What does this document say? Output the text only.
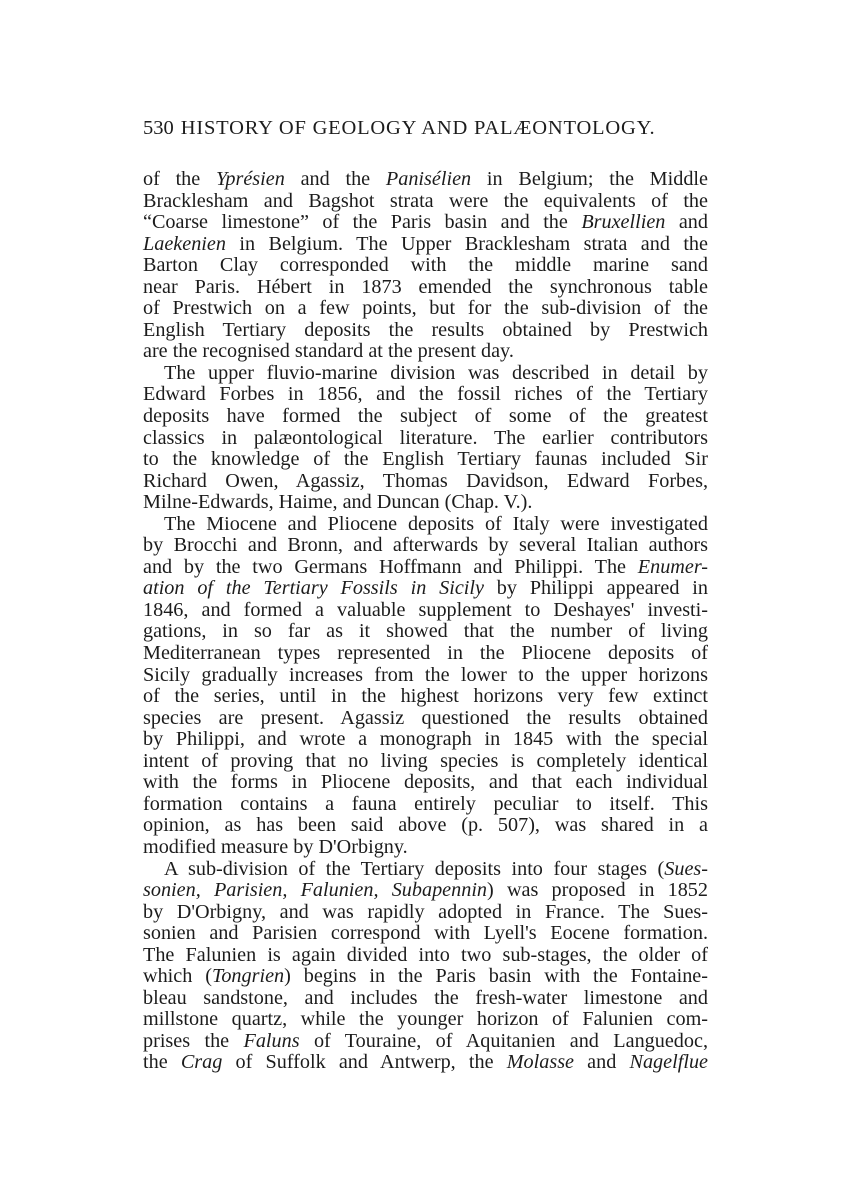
530 HISTORY OF GEOLOGY AND PALÆONTOLOGY.
of the Yprésien and the Panisélien in Belgium; the Middle
Bracklesham and Bagshot strata were the equivalents of the
“Coarse limestone” of the Paris basin and the Bruxellien and
Laekenien in Belgium. The Upper Bracklesham strata and the
Barton Clay corresponded with the middle marine sand
near Paris. Hébert in 1873 emended the synchronous table
of Prestwich on a few points, but for the sub-division of the
English Tertiary deposits the results obtained by Prestwich
are the recognised standard at the present day.
The upper fluvio-marine division was described in detail by
Edward Forbes in 1856, and the fossil riches of the Tertiary
deposits have formed the subject of some of the greatest
classics in palæontological literature. The earlier contributors
to the knowledge of the English Tertiary faunas included Sir
Richard Owen, Agassiz, Thomas Davidson, Edward Forbes,
Milne-Edwards, Haime, and Duncan (Chap. V.).
The Miocene and Pliocene deposits of Italy were investigated
by Brocchi and Bronn, and afterwards by several Italian authors
and by the two Germans Hoffmann and Philippi. The Enumer-
ation of the Tertiary Fossils in Sicily by Philippi appeared in
1846, and formed a valuable supplement to Deshayes' investi-
gations, in so far as it showed that the number of living
Mediterranean types represented in the Pliocene deposits of
Sicily gradually increases from the lower to the upper horizons
of the series, until in the highest horizons very few extinct
species are present. Agassiz questioned the results obtained
by Philippi, and wrote a monograph in 1845 with the special
intent of proving that no living species is completely identical
with the forms in Pliocene deposits, and that each individual
formation contains a fauna entirely peculiar to itself. This
opinion, as has been said above (p. 507), was shared in a
modified measure by D'Orbigny.
A sub-division of the Tertiary deposits into four stages (Sues-
sonien, Parisien, Falunien, Subapennin) was proposed in 1852
by D'Orbigny, and was rapidly adopted in France. The Sues-
sonien and Parisien correspond with Lyell's Eocene formation.
The Falunien is again divided into two sub-stages, the older of
which (Tongrien) begins in the Paris basin with the Fontaine-
bleau sandstone, and includes the fresh-water limestone and
millstone quartz, while the younger horizon of Falunien com-
prises the Faluns of Touraine, of Aquitanien and Languedoc,
the Crag of Suffolk and Antwerp, the Molasse and Nagelflue
